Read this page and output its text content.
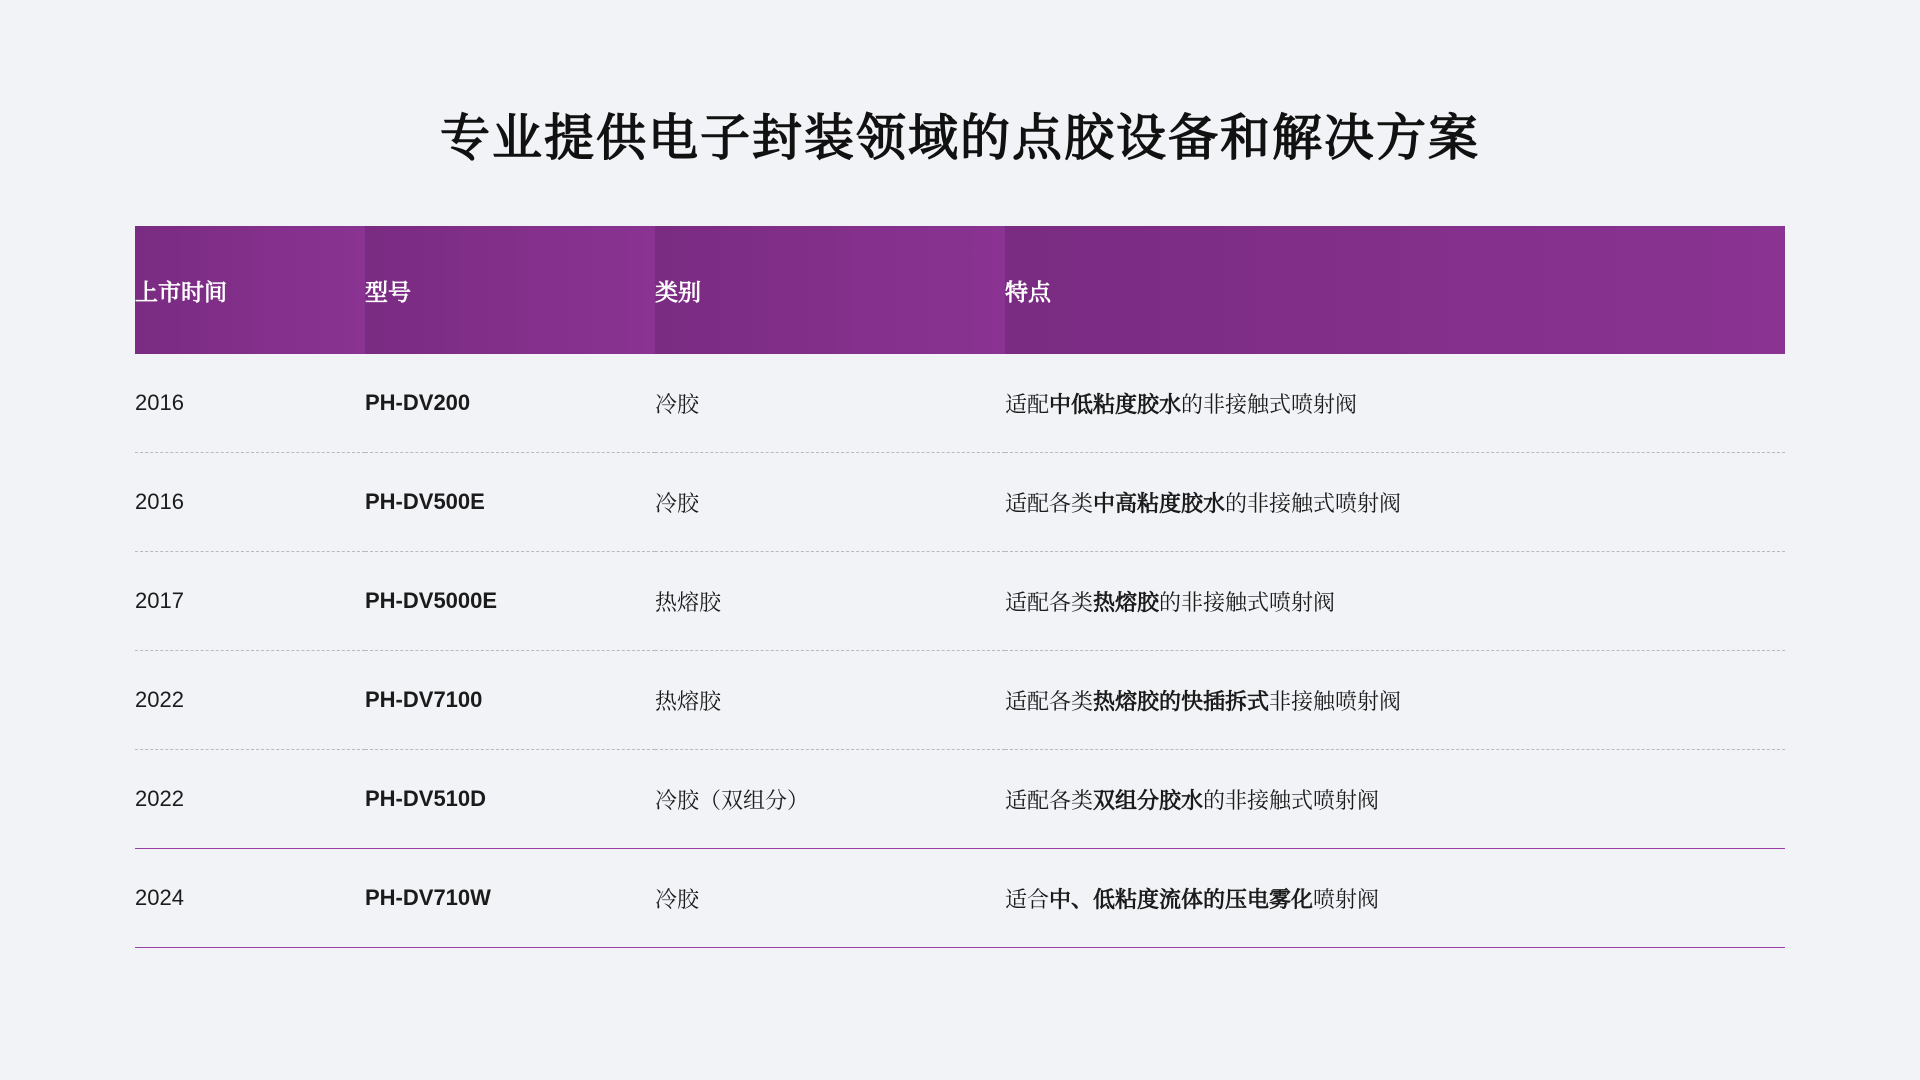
专业提供电子封装领域的点胶设备和解决方案
上市时间	型号	类别	特点
2016	PH-DV200	冷胶	适配中低粘度胶水的非接触式喷射阀
2016	PH-DV500E	冷胶	适配各类中高粘度胶水的非接触式喷射阀
2017	PH-DV5000E	热熔胶	适配各类热熔胶的非接触式喷射阀
2022	PH-DV7100	热熔胶	适配各类热熔胶的快插拆式非接触喷射阀
2022	PH-DV510D	冷胶（双组分）	适配各类双组分胶水的非接触式喷射阀
2024	PH-DV710W	冷胶	适合中、低粘度流体的压电雾化喷射阀
